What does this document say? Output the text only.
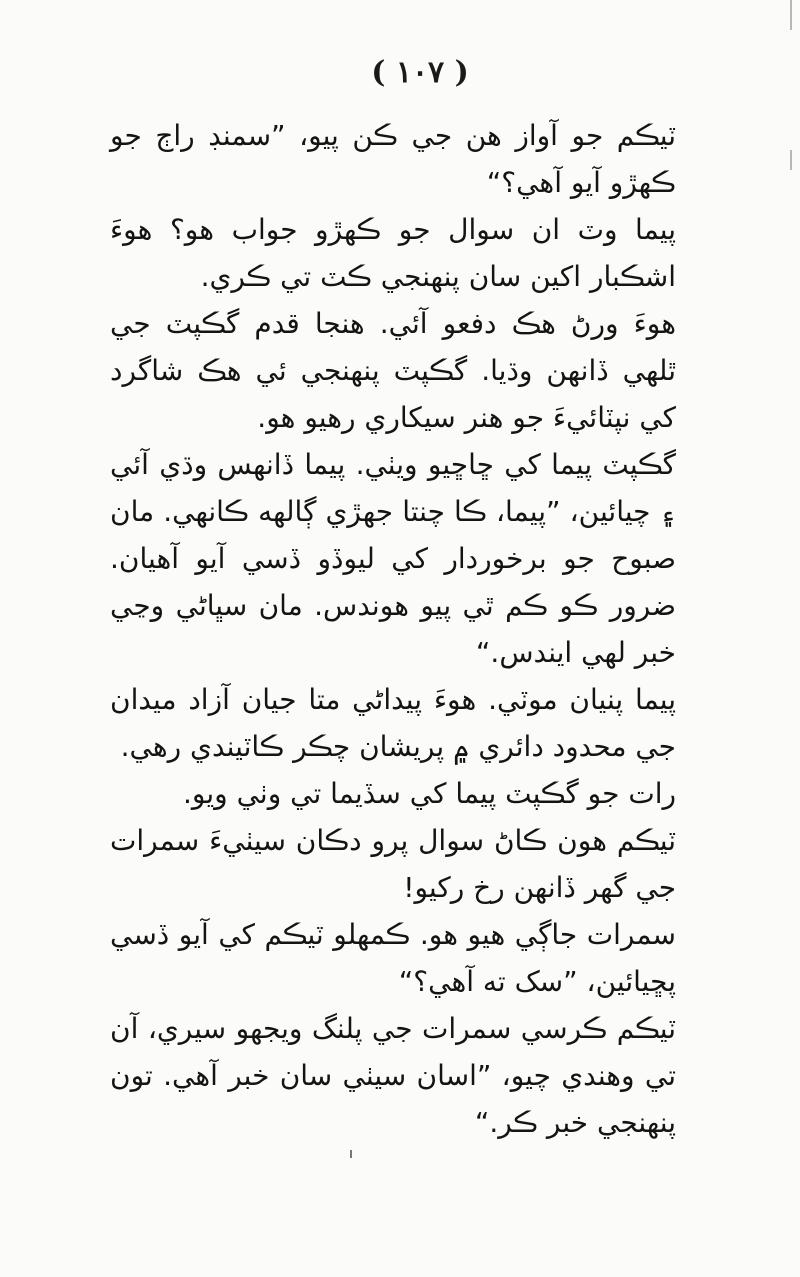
( ١٠٧ )

ٽيڪم جو آواز هن جي ڪن پيو، ”سمنڊ راڄ جو ڪهڙو آيو آهي؟“

پيما وٽ ان سوال جو ڪهڙو جواب هو؟ هوءَ اشڪبار اکين سان پنهنجي ڪٽ تي ڪري.

هوءَ ورڻ هڪ دفعو آئي. هنجا قدم گڪپٽ جي ٿلهي ڏانهن وڌيا. گڪپٽ پنهنجي ئي هڪ شاگرد کي نپٽائيءَ جو هنر سيکاري رهيو هو.

گڪپٽ پيما کي ڇاڇيو ويٺي. پيما ڏانهس وڌي آئي ۽ چيائين، ”پيما، ڪا چنتا جهڙي ڳالهه ڪانهي. مان صبوح جو برخوردار کي ليوڏو ڏسي آيو آهيان. ضرور ڪو ڪم ٿي پيو هوندس. مان سڀاڻي وڃي خبر لهي ايندس.“

پيما پنيان موٽي. هوءَ پيداڻي متا جيان آزاد ميدان جي محدود دائري ۾ پريشان چڪر ڪاٽيندي رهي.

رات جو گڪپٽ پيما کي سڏيما تي وٺي ويو.

ٽيڪم هون ڪاڻ سوال پرو دڪان سيٺيءَ سمرات جي گهر ڏانهن رخ رکيو!

سمرات جاڳي هيو هو. ڪمهلو ٽيڪم کي آيو ڏسي پڇيائين، ”سک ته آهي؟“

ٽيڪم ڪرسي سمرات جي پلنگ ويجهو سيري، آن تي وهندي چيو، ”اسان سيٺي سان خبر آهي. تون پنهنجي خبر ڪر.“
